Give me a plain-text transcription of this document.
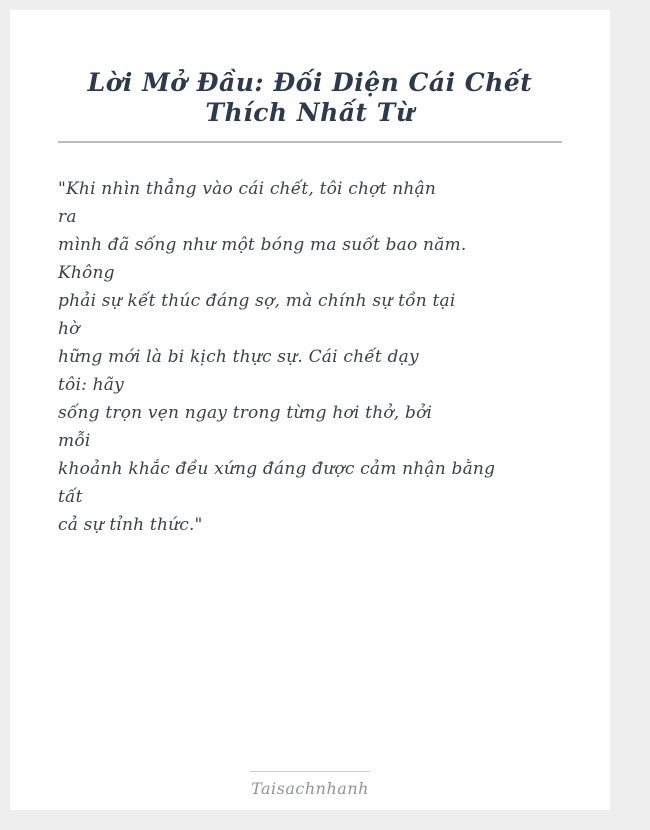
Lời Mở Đầu: Đối Diện Cái Chết Thích Nhất Từ
"Khi nhìn thẳng vào cái chết, tôi chợt nhận
ra
mình đã sống như một bóng ma suốt bao năm.
Không
phải sự kết thúc đáng sợ, mà chính sự tồn tại
hờ
hững mới là bi kịch thực sự. Cái chết dạy
tôi: hãy
sống trọn vẹn ngay trong từng hơi thở, bởi
mỗi
khoảnh khắc đều xứng đáng được cảm nhận bằng
tất
cả sự tỉnh thức."
Taisachnhanh
